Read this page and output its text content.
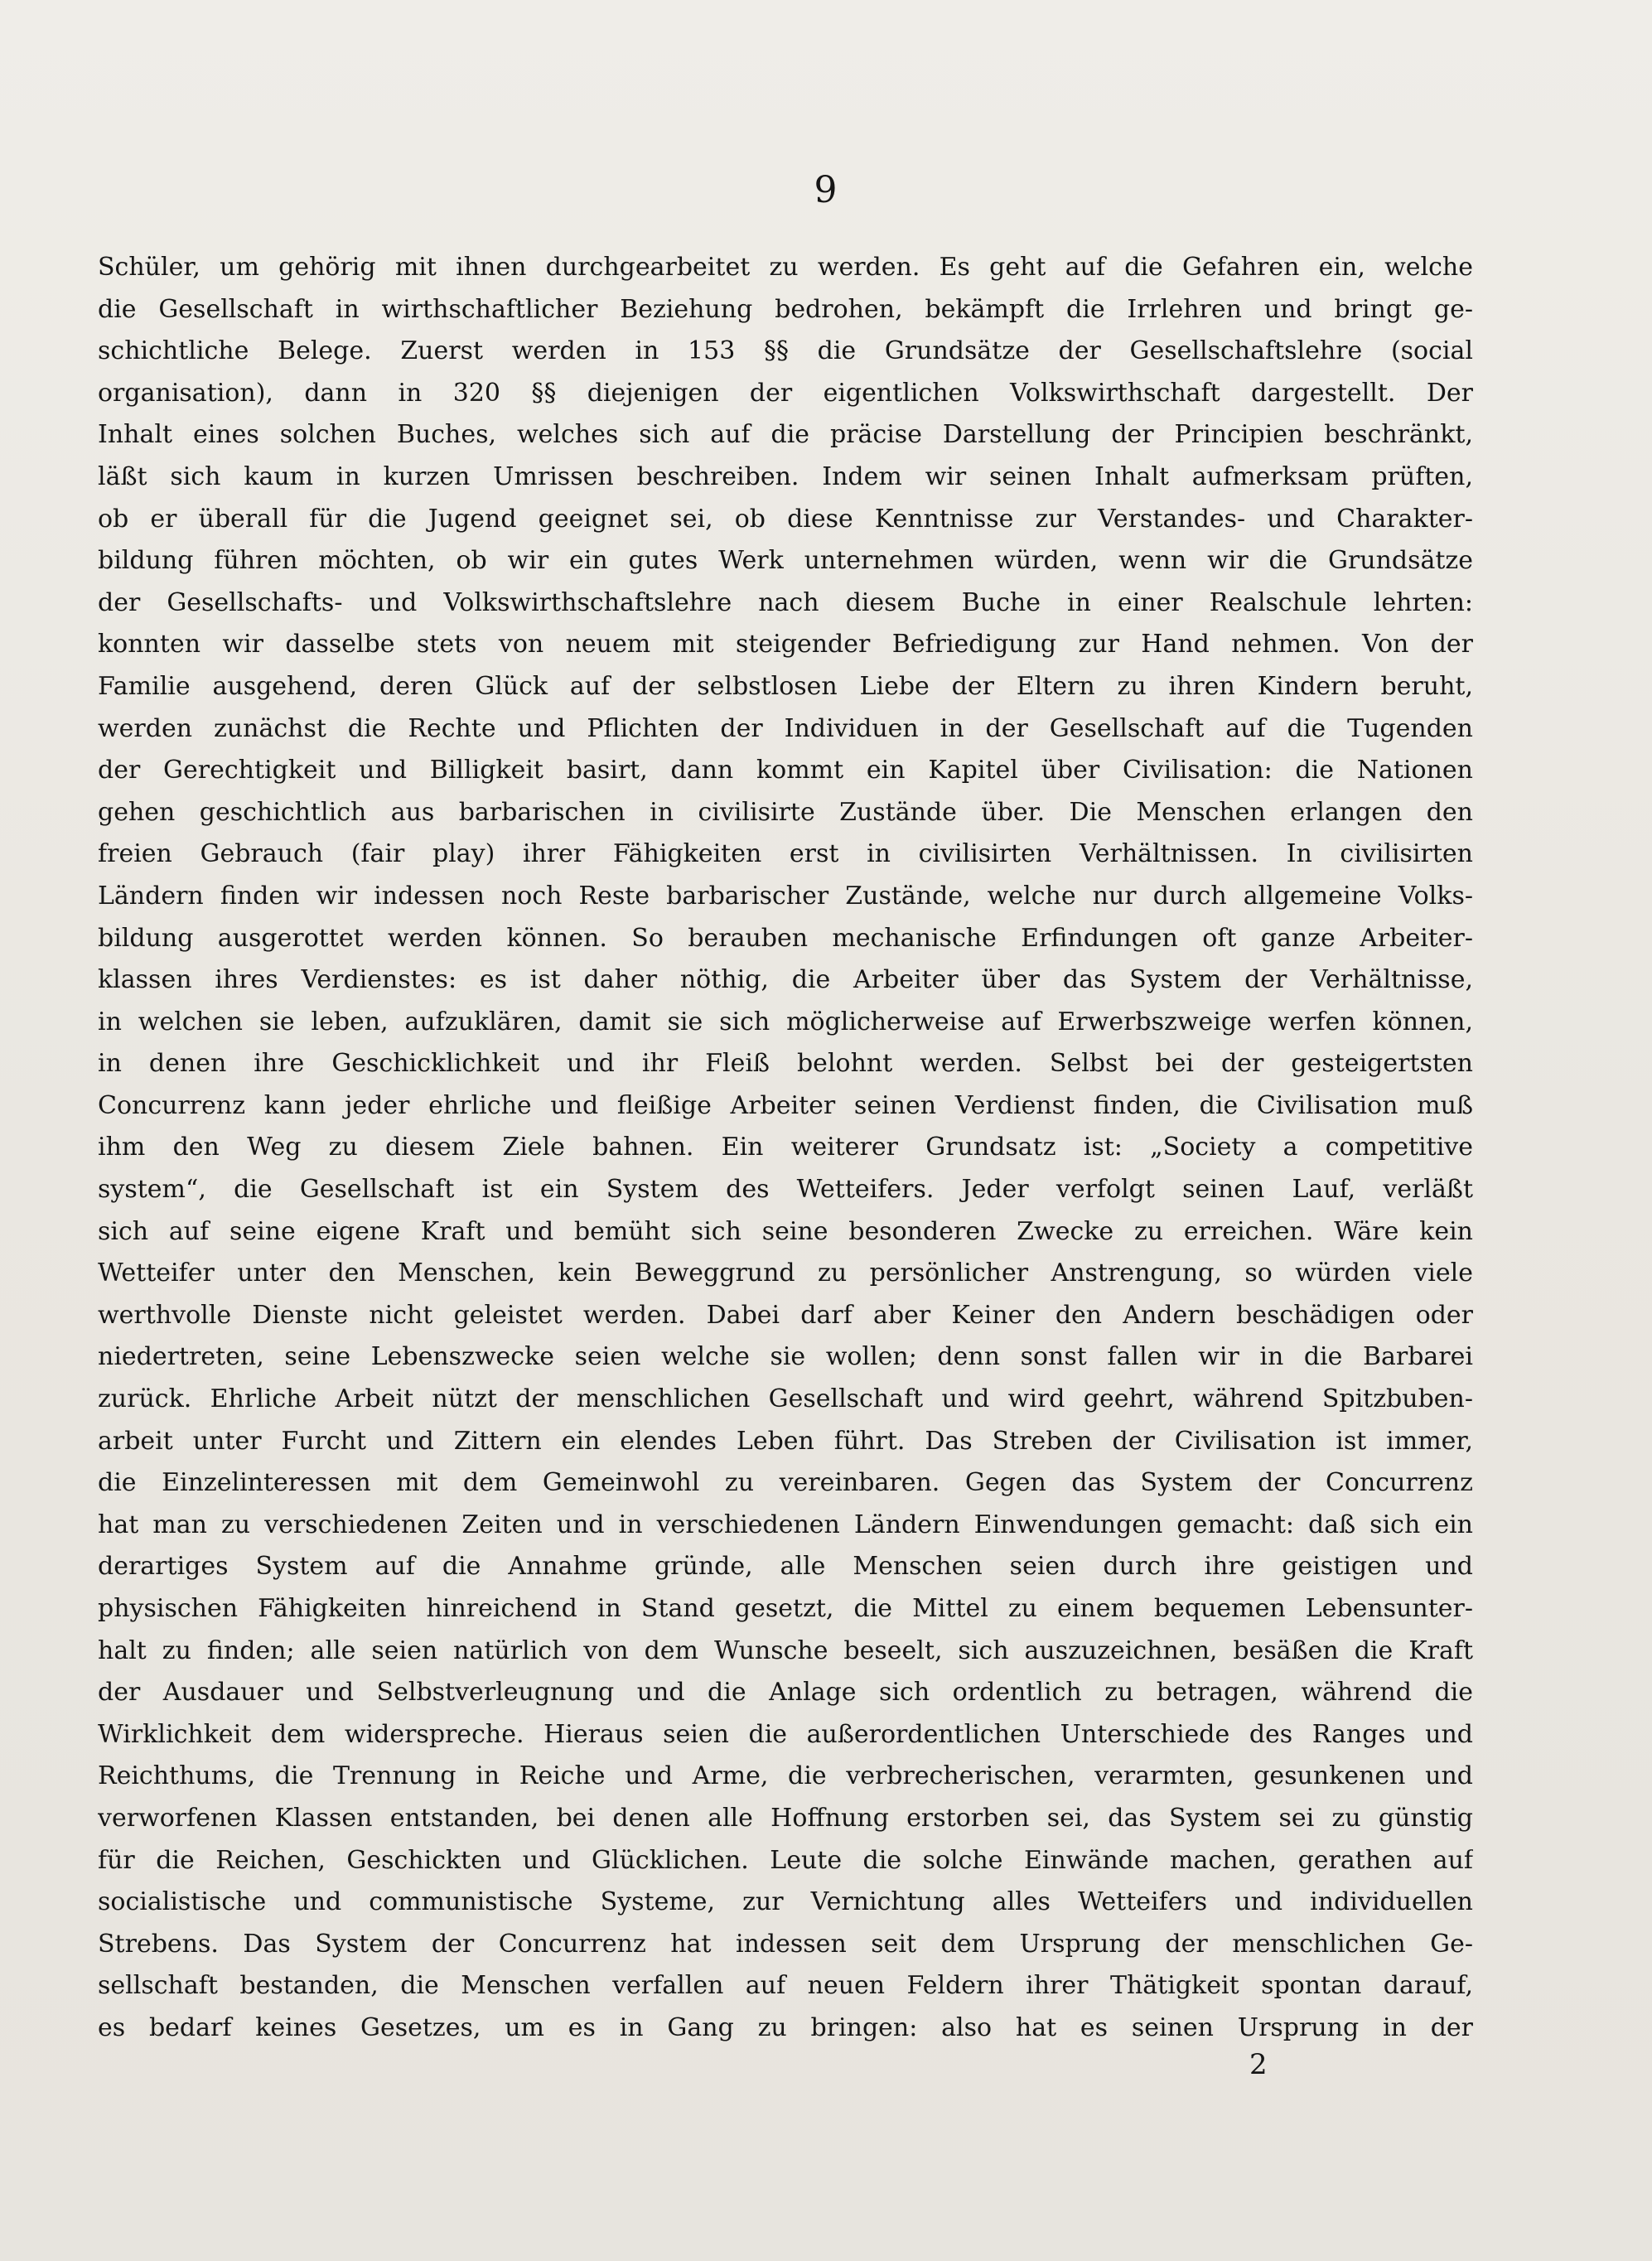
9
Schüler, um gehörig mit ihnen durchgearbeitet zu werden. Es geht auf die Gefahren ein, welche
die Gesellschaft in wirthschaftlicher Beziehung bedrohen, bekämpft die Irrlehren und bringt ge-
schichtliche Belege. Zuerst werden in 153 §§ die Grundsätze der Gesellschaftslehre (social
organisation), dann in 320 §§ diejenigen der eigentlichen Volkswirthschaft dargestellt. Der
Inhalt eines solchen Buches, welches sich auf die präcise Darstellung der Principien beschränkt,
läßt sich kaum in kurzen Umrissen beschreiben. Indem wir seinen Inhalt aufmerksam prüften,
ob er überall für die Jugend geeignet sei, ob diese Kenntnisse zur Verstandes- und Charakter-
bildung führen möchten, ob wir ein gutes Werk unternehmen würden, wenn wir die Grundsätze
der Gesellschafts- und Volkswirthschaftslehre nach diesem Buche in einer Realschule lehrten:
konnten wir dasselbe stets von neuem mit steigender Befriedigung zur Hand nehmen. Von der
Familie ausgehend, deren Glück auf der selbstlosen Liebe der Eltern zu ihren Kindern beruht,
werden zunächst die Rechte und Pflichten der Individuen in der Gesellschaft auf die Tugenden
der Gerechtigkeit und Billigkeit basirt, dann kommt ein Kapitel über Civilisation: die Nationen
gehen geschichtlich aus barbarischen in civilisirte Zustände über. Die Menschen erlangen den
freien Gebrauch (fair play) ihrer Fähigkeiten erst in civilisirten Verhältnissen. In civilisirten
Ländern finden wir indessen noch Reste barbarischer Zustände, welche nur durch allgemeine Volks-
bildung ausgerottet werden können. So berauben mechanische Erfindungen oft ganze Arbeiter-
klassen ihres Verdienstes: es ist daher nöthig, die Arbeiter über das System der Verhältnisse,
in welchen sie leben, aufzuklären, damit sie sich möglicherweise auf Erwerbszweige werfen können,
in denen ihre Geschicklichkeit und ihr Fleiß belohnt werden. Selbst bei der gesteigertsten
Concurrenz kann jeder ehrliche und fleißige Arbeiter seinen Verdienst finden, die Civilisation muß
ihm den Weg zu diesem Ziele bahnen. Ein weiterer Grundsatz ist: „Society a competitive
system“, die Gesellschaft ist ein System des Wetteifers. Jeder verfolgt seinen Lauf, verläßt
sich auf seine eigene Kraft und bemüht sich seine besonderen Zwecke zu erreichen. Wäre kein
Wetteifer unter den Menschen, kein Beweggrund zu persönlicher Anstrengung, so würden viele
werthvolle Dienste nicht geleistet werden. Dabei darf aber Keiner den Andern beschädigen oder
niedertreten, seine Lebenszwecke seien welche sie wollen; denn sonst fallen wir in die Barbarei
zurück. Ehrliche Arbeit nützt der menschlichen Gesellschaft und wird geehrt, während Spitzbuben-
arbeit unter Furcht und Zittern ein elendes Leben führt. Das Streben der Civilisation ist immer,
die Einzelinteressen mit dem Gemeinwohl zu vereinbaren. Gegen das System der Concurrenz
hat man zu verschiedenen Zeiten und in verschiedenen Ländern Einwendungen gemacht: daß sich ein
derartiges System auf die Annahme gründe, alle Menschen seien durch ihre geistigen und
physischen Fähigkeiten hinreichend in Stand gesetzt, die Mittel zu einem bequemen Lebensunter-
halt zu finden; alle seien natürlich von dem Wunsche beseelt, sich auszuzeichnen, besäßen die Kraft
der Ausdauer und Selbstverleugnung und die Anlage sich ordentlich zu betragen, während die
Wirklichkeit dem widerspreche. Hieraus seien die außerordentlichen Unterschiede des Ranges und
Reichthums, die Trennung in Reiche und Arme, die verbrecherischen, verarmten, gesunkenen und
verworfenen Klassen entstanden, bei denen alle Hoffnung erstorben sei, das System sei zu günstig
für die Reichen, Geschickten und Glücklichen. Leute die solche Einwände machen, gerathen auf
socialistische und communistische Systeme, zur Vernichtung alles Wetteifers und individuellen
Strebens. Das System der Concurrenz hat indessen seit dem Ursprung der menschlichen Ge-
sellschaft bestanden, die Menschen verfallen auf neuen Feldern ihrer Thätigkeit spontan darauf,
es bedarf keines Gesetzes, um es in Gang zu bringen: also hat es seinen Ursprung in der
2
